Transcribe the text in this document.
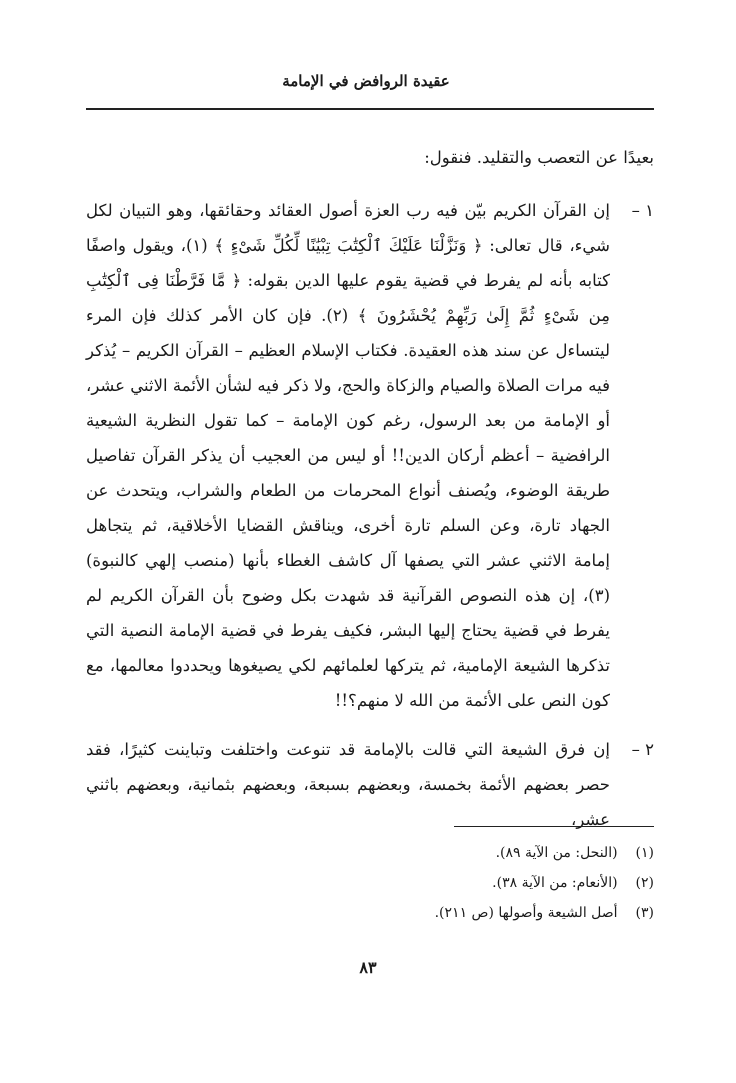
عقيدة الروافض في الإمامة

بعيدًا عن التعصب والتقليد. فنقول:

١ –

إن القرآن الكريم بيّن فيه رب العزة أصول العقائد وحقائقها، وهو التبيان لكل شيء، قال تعالى: ﴿ وَنَزَّلْنَا عَلَيْكَ ٱلْكِتَٰبَ تِبْيَٰنًا لِّكُلِّ شَىْءٍ ﴾ (١)، ويقول واصفًا كتابه بأنه لم يفرط في قضية يقوم عليها الدين بقوله: ﴿ مَّا فَرَّطْنَا فِى ٱلْكِتَٰبِ مِن شَىْءٍ ثُمَّ إِلَىٰ رَبِّهِمْ يُحْشَرُونَ ﴾ (٢). فإن كان الأمر كذلك فإن المرء ليتساءل عن سند هذه العقيدة. فكتاب الإسلام العظيم – القرآن الكريم – يُذكر فيه مرات الصلاة والصيام والزكاة والحج، ولا ذكر فيه لشأن الأئمة الاثني عشر، أو الإمامة من بعد الرسول، رغم كون الإمامة – كما تقول النظرية الشيعية الرافضية – أعظم أركان الدين!! أو ليس من العجيب أن يذكر القرآن تفاصيل طريقة الوضوء، ويُصنف أنواع المحرمات من الطعام والشراب، ويتحدث عن الجهاد تارة، وعن السلم تارة أخرى، ويناقش القضايا الأخلاقية، ثم يتجاهل إمامة الاثني عشر التي يصفها آل كاشف الغطاء بأنها (منصب إلهي كالنبوة) (٣)، إن هذه النصوص القرآنية قد شهدت بكل وضوح بأن القرآن الكريم لم يفرط في قضية يحتاج إليها البشر، فكيف يفرط في قضية الإمامة النصية التي تذكرها الشيعة الإمامية، ثم يتركها لعلمائهم لكي يصيغوها ويحددوا معالمها، مع كون النص على الأئمة من الله لا منهم؟!!

٢ –

إن فرق الشيعة التي قالت بالإمامة قد تنوعت واختلفت وتباينت كثيرًا، فقد حصر بعضهم الأئمة بخمسة، وبعضهم بسبعة، وبعضهم بثمانية، وبعضهم باثني عشر،

(١) (النحل: من الآية ٨٩).
(٢) (الأنعام: من الآية ٣٨).
(٣) أصل الشيعة وأصولها (ص ٢١١).
٨٣
